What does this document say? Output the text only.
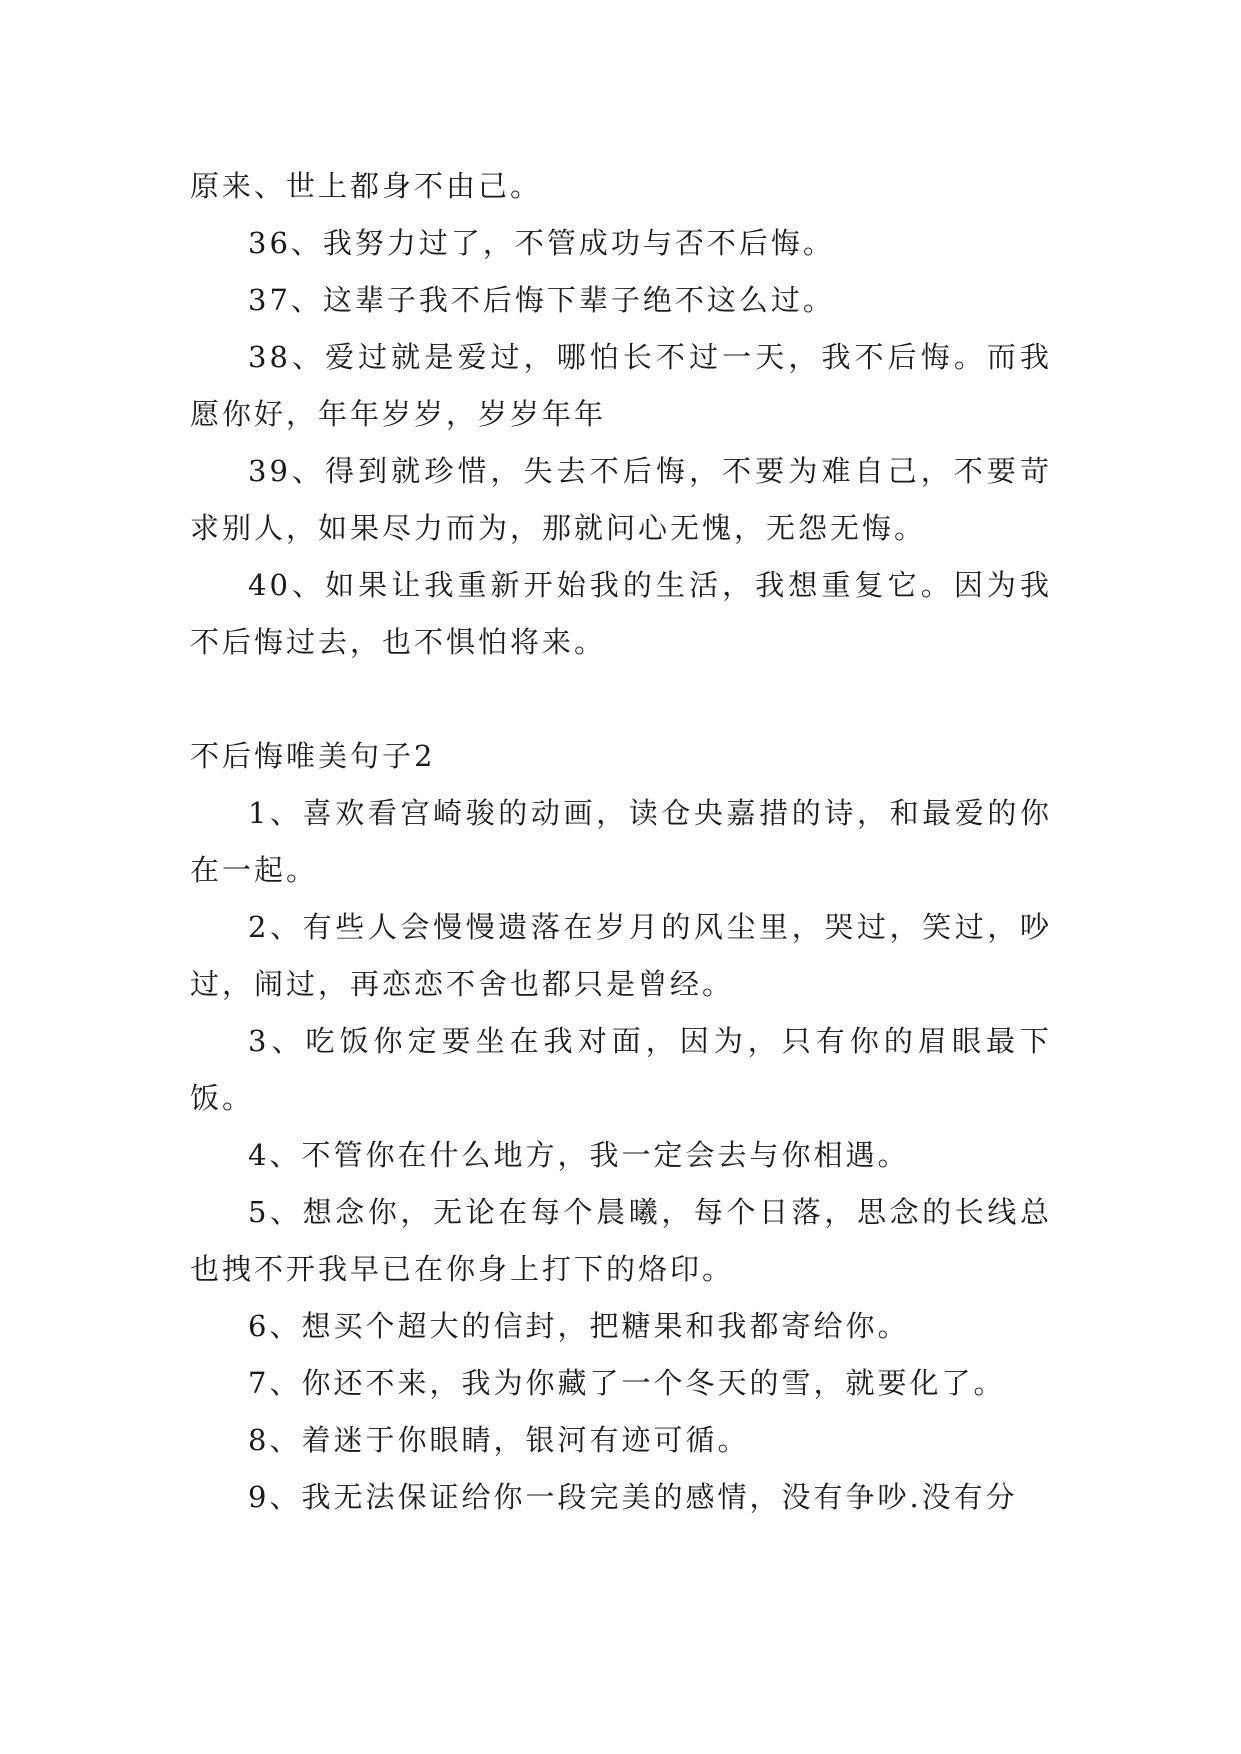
原来、世上都身不由己。

36、我努力过了，不管成功与否不后悔。

37、这辈子我不后悔下辈子绝不这么过。

38、爱过就是爱过，哪怕长不过一天，我不后悔。而我愿你好，年年岁岁，岁岁年年

39、得到就珍惜，失去不后悔，不要为难自己，不要苛求别人，如果尽力而为，那就问心无愧，无怨无悔。

40、如果让我重新开始我的生活，我想重复它。因为我不后悔过去，也不惧怕将来。

不后悔唯美句子2

1、喜欢看宫崎骏的动画，读仓央嘉措的诗，和最爱的你在一起。

2、有些人会慢慢遗落在岁月的风尘里，哭过，笑过，吵过，闹过，再恋恋不舍也都只是曾经。

3、吃饭你定要坐在我对面，因为，只有你的眉眼最下饭。

4、不管你在什么地方，我一定会去与你相遇。

5、想念你，无论在每个晨曦，每个日落，思念的长线总也拽不开我早已在你身上打下的烙印。

6、想买个超大的信封，把糖果和我都寄给你。

7、你还不来，我为你藏了一个冬天的雪，就要化了。

8、着迷于你眼睛，银河有迹可循。

9、我无法保证给你一段完美的感情，没有争吵.没有分
